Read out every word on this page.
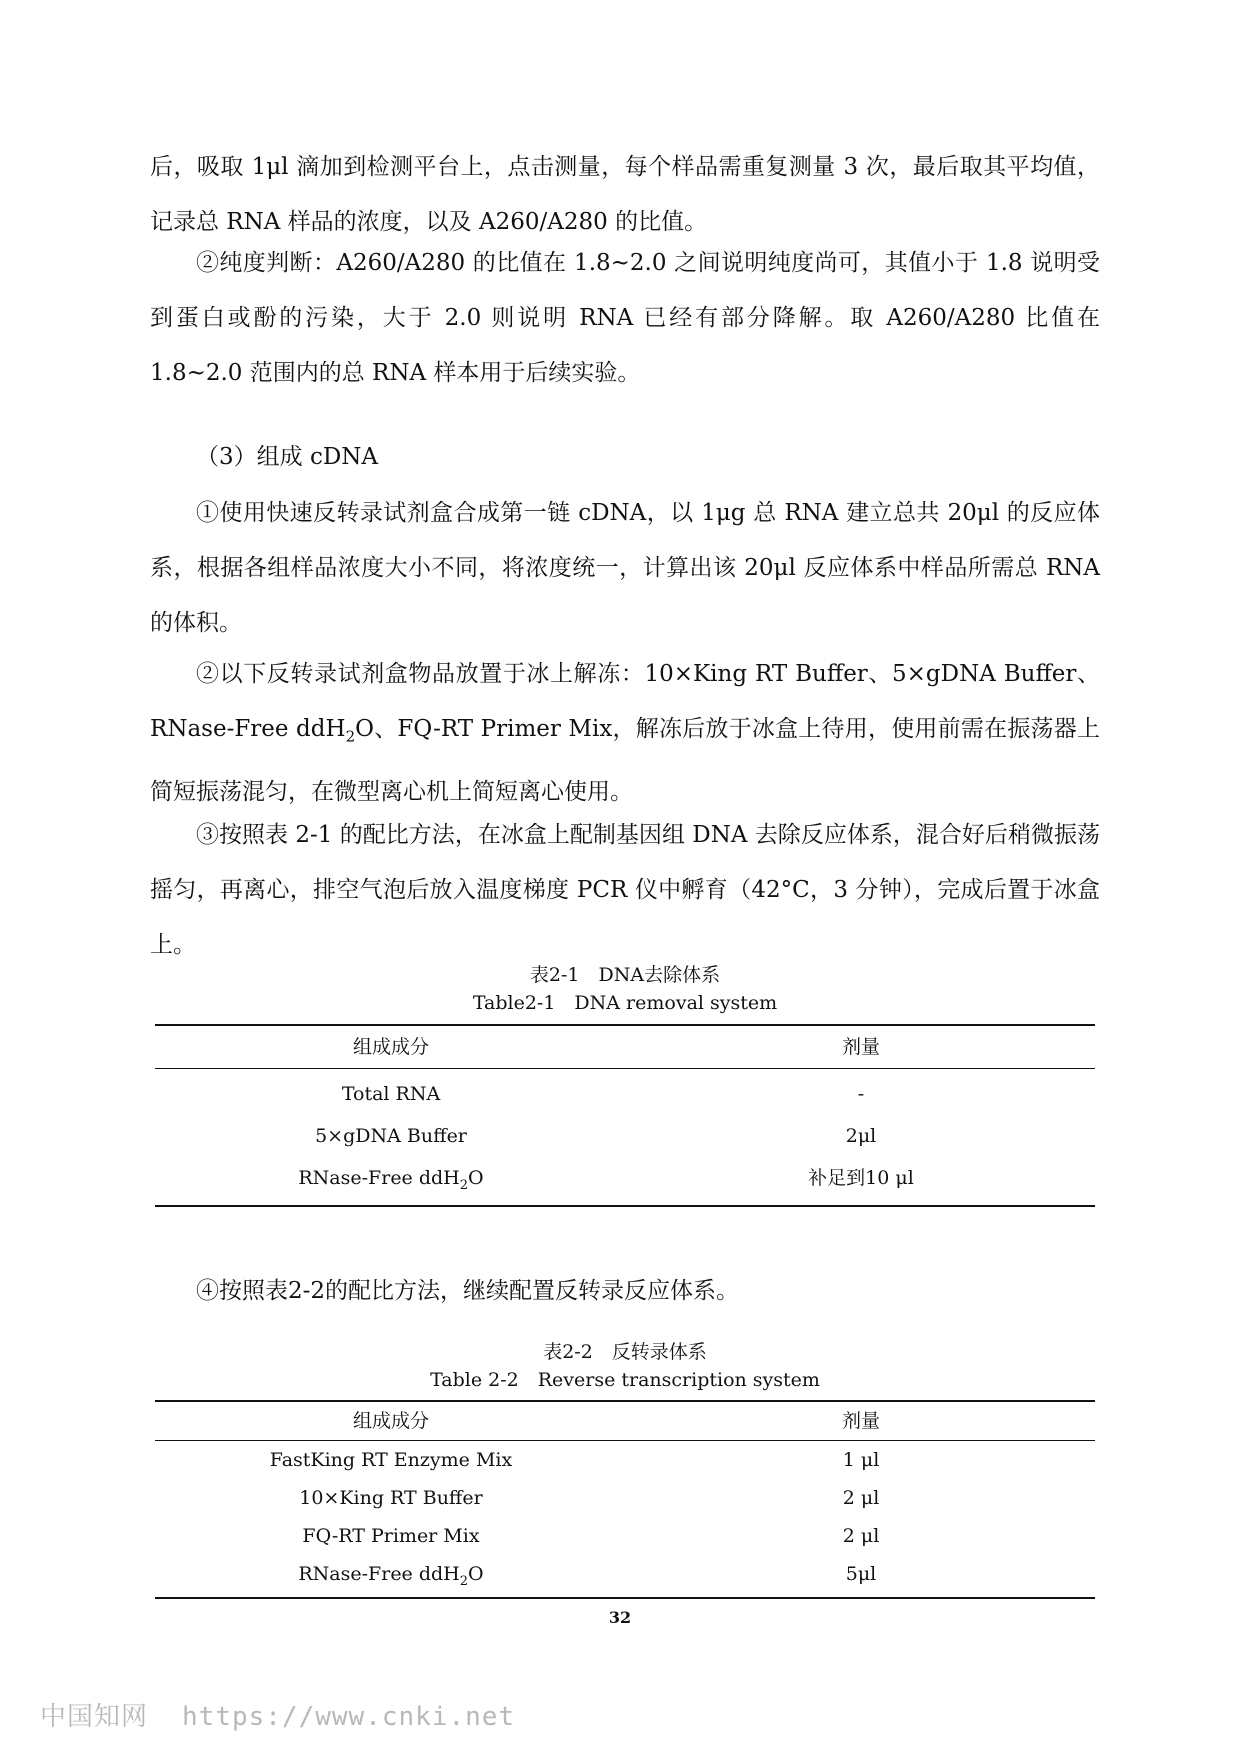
后，吸取 1μl 滴加到检测平台上，点击测量，每个样品需重复测量 3 次，最后取其平均值，记录总 RNA 样品的浓度，以及 A260/A280 的比值。

②纯度判断：A260/A280 的比值在 1.8~2.0 之间说明纯度尚可，其值小于 1.8 说明受到蛋白或酚的污染，大于 2.0 则说明 RNA 已经有部分降解。取 A260/A280 比值在 1.8~2.0 范围内的总 RNA 样本用于后续实验。

（3）组成 cDNA

①使用快速反转录试剂盒合成第一链 cDNA，以 1μg 总 RNA 建立总共 20μl 的反应体系，根据各组样品浓度大小不同，将浓度统一，计算出该 20μl 反应体系中样品所需总 RNA 的体积。

②以下反转录试剂盒物品放置于冰上解冻：10×King RT Buffer、5×gDNA Buffer、RNase-Free ddH$_2$O、FQ-RT Primer Mix，解冻后放于冰盒上待用，使用前需在振荡器上简短振荡混匀，在微型离心机上简短离心使用。

③按照表 2-1 的配比方法，在冰盒上配制基因组 DNA 去除反应体系，混合好后稍微振荡摇匀，再离心，排空气泡后放入温度梯度 PCR 仪中孵育（42°C，3 分钟），完成后置于冰盒上。

表2-1　DNA去除体系
Table2-1　DNA removal system
组成成分	剂量
Total RNA	-
5×gDNA Buffer	2μl
RNase-Free ddH$_2$O	补足到10 μl

④按照表2-2的配比方法，继续配置反转录反应体系。

表2-2　反转录体系
Table 2-2　Reverse transcription system
组成成分	剂量
FastKing RT Enzyme Mix	1 μl
10×King RT Buffer	2 μl
FQ-RT Primer Mix	2 μl
RNase-Free ddH$_2$O	5μl
32
中国知网 https://www.cnki.net
